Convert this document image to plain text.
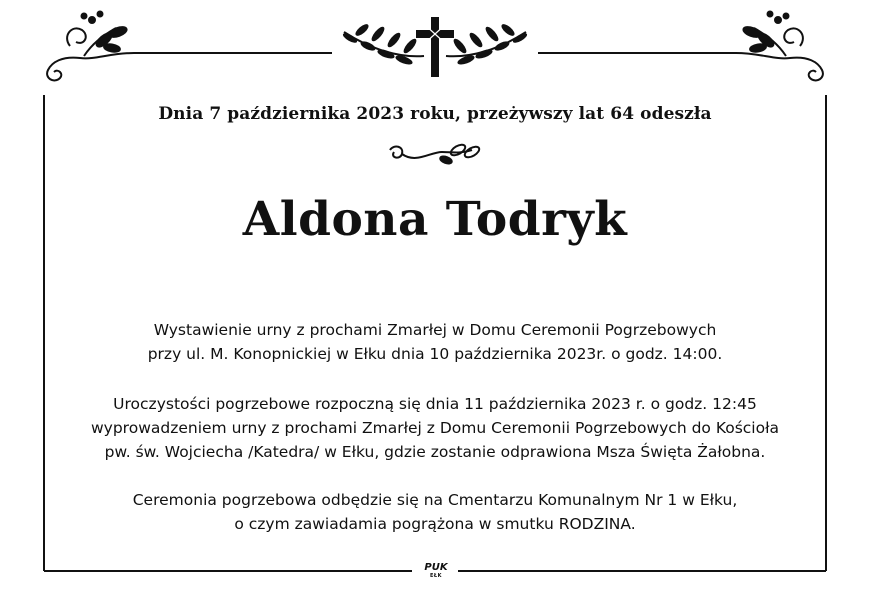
Dnia 7 października 2023 roku, przeżywszy lat 64 odeszła
Aldona Todryk
Wystawienie urny z prochami Zmarłej w Domu Ceremonii Pogrzebowych
przy ul. M. Konopnickiej w Ełku dnia 10 października 2023r. o godz. 14:00.
Uroczystości pogrzebowe rozpoczną się dnia 11 października 2023 r. o godz. 12:45
wyprowadzeniem urny z prochami Zmarłej z Domu Ceremonii Pogrzebowych do Kościoła
pw. św. Wojciecha /Katedra/ w Ełku, gdzie zostanie odprawiona Msza Święta Żałobna.
Ceremonia pogrzebowa odbędzie się na Cmentarzu Komunalnym Nr 1 w Ełku,
o czym zawiadamia pogrążona w smutku RODZINA.
PUK
EŁK
